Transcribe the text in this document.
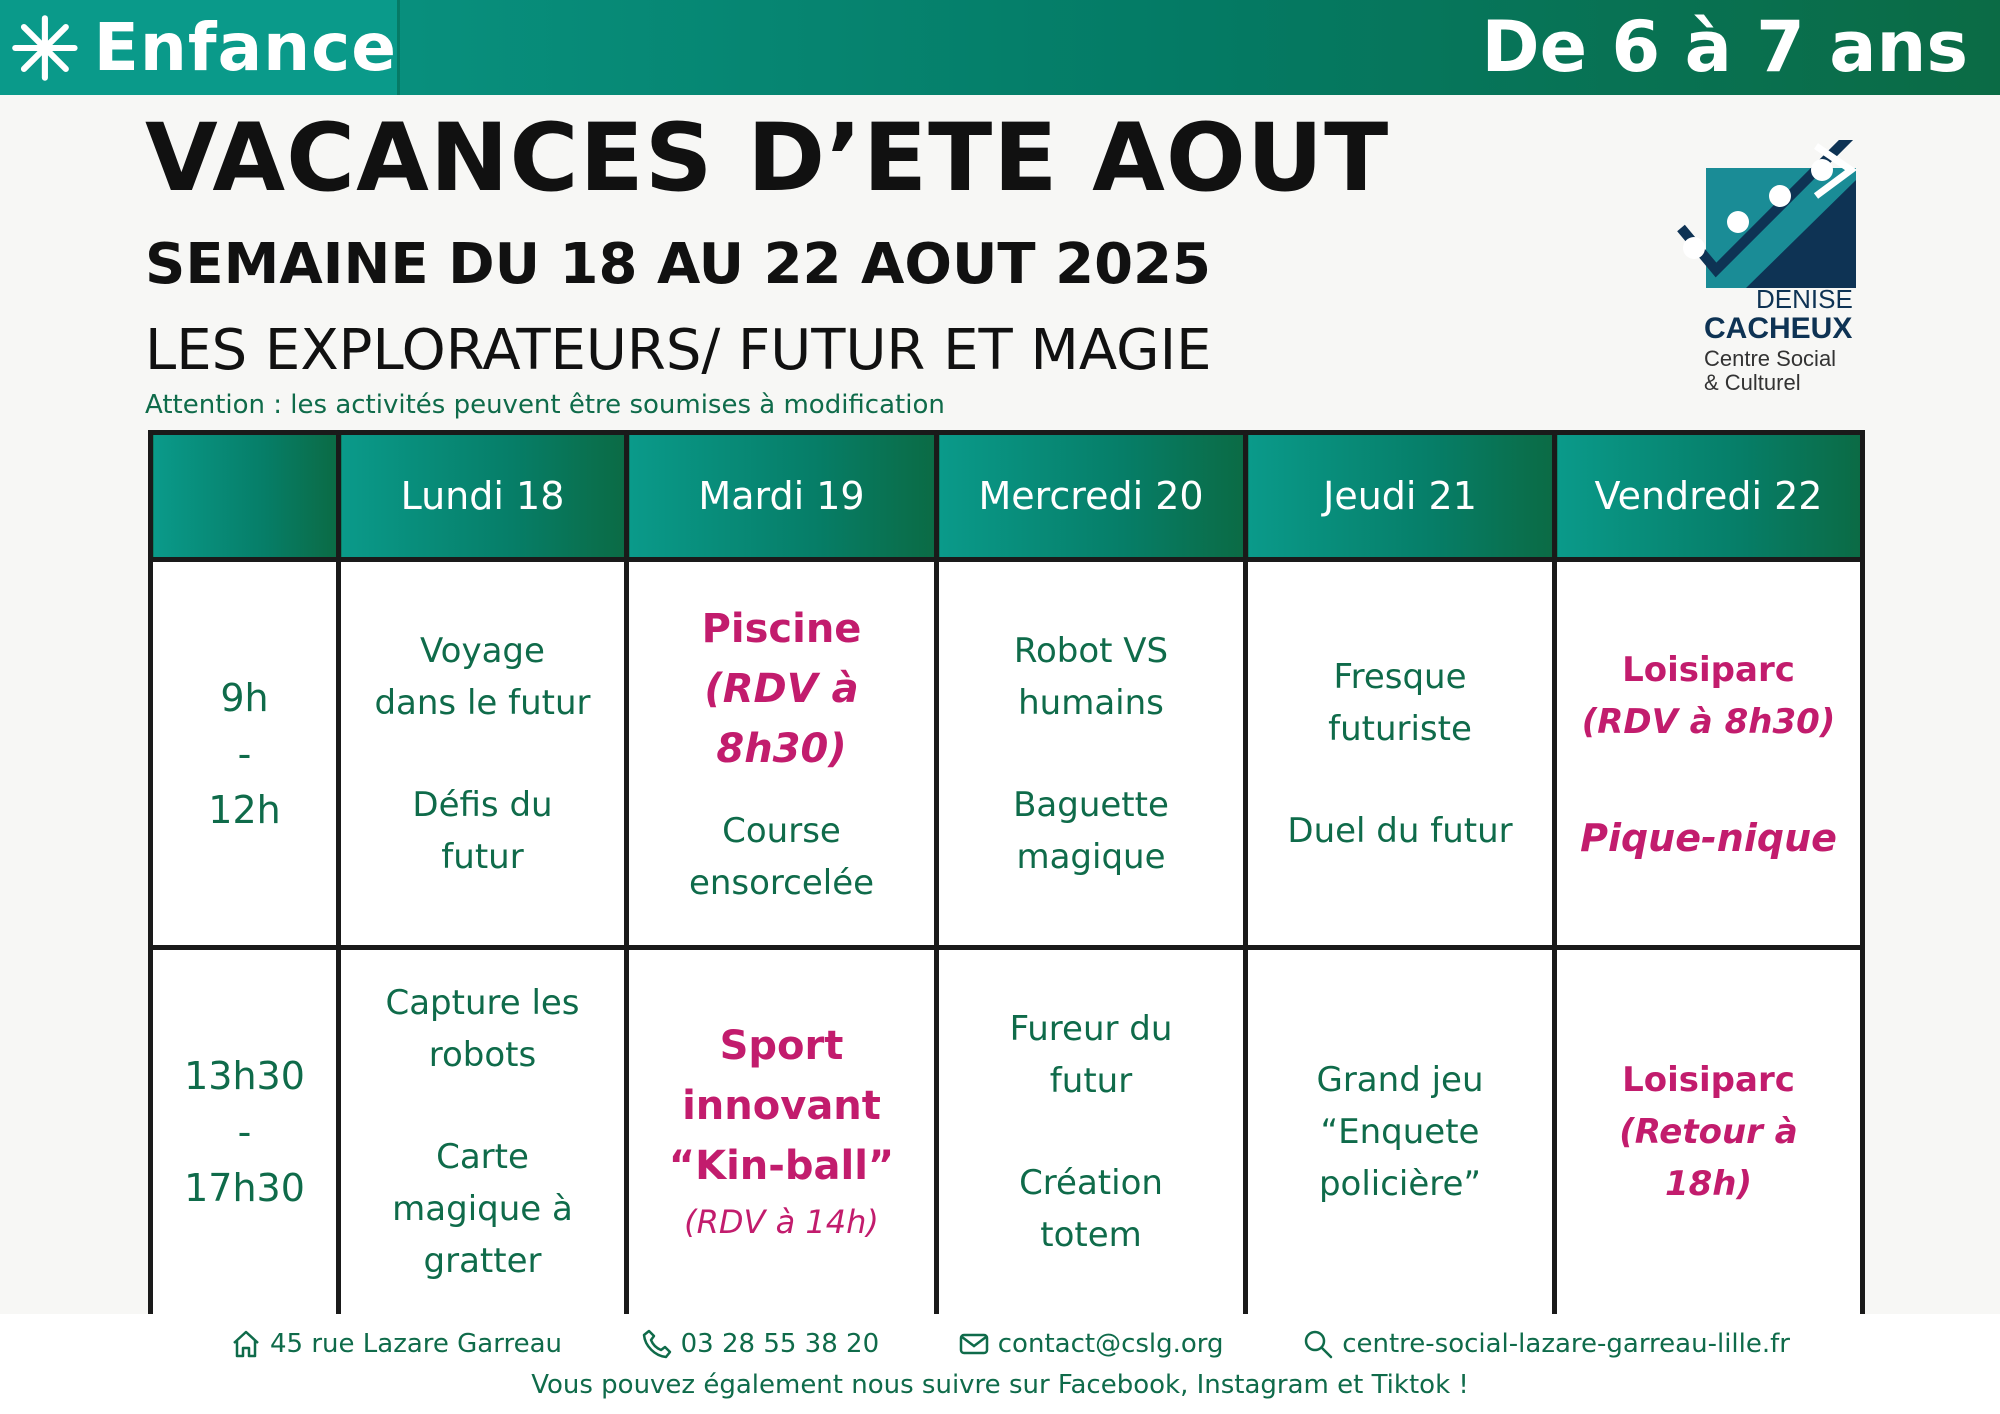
Enfance	De 6 à 7 ans
VACANCES D’ETE AOUT
SEMAINE DU 18 AU 22 AOUT 2025
LES EXPLORATEURS/ FUTUR ET MAGIE
Attention : les activités peuvent être soumises à modification
DENISE
CACHEUX
Centre Social
& Culturel
	Lundi 18	Mardi 19	Mercredi 20	Jeudi 21	Vendredi 22

9h
-
12h	Voyage
dans le futur
Défis du
futur	Piscine
(RDV à
8h30)
Course
ensorcelée	Robot VS
humains
Baguette
magique	Fresque
futuriste
Duel du futur	Loisiparc
(RDV à 8h30)
Pique-nique

13h30
-
17h30	Capture les
robots
Carte
magique à
gratter	Sport
innovant
“Kin-ball”
(RDV à 14h)	Fureur du
futur
Création
totem	Grand jeu
“Enquete
policière”	Loisiparc
(Retour à
18h)
45 rue Lazare Garreau	03 28 55 38 20	contact@cslg.org	centre-social-lazare-garreau-lille.fr
Vous pouvez également nous suivre sur Facebook, Instagram et Tiktok !
